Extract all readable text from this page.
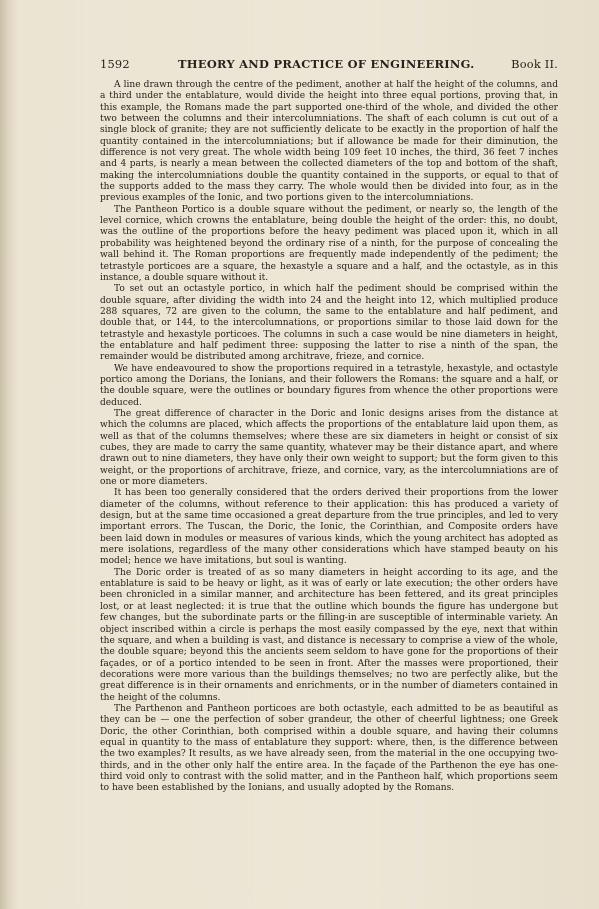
1592	THEORY AND PRACTICE OF ENGINEERING.	Book II.

A line drawn through the centre of the pediment, another at half the height of the columns, and a third under the entablature, would divide the height into three equal portions, proving that, in this example, the Romans made the part supported one-third of the whole, and divided the other two between the columns and their intercolumniations. The shaft of each column is cut out of a single block of granite; they are not sufficiently delicate to be exactly in the proportion of half the quantity contained in the intercolumniations; but if allowance be made for their diminution, the difference is not very great. The whole width being 109 feet 10 inches, the third, 36 feet 7 inches and 4 parts, is nearly a mean between the collected diameters of the top and bottom of the shaft, making the intercolumniations double the quantity contained in the supports, or equal to that of the supports added to the mass they carry. The whole would then be divided into four, as in the previous examples of the Ionic, and two portions given to the intercolumniations.

The Pantheon Portico is a double square without the pediment, or nearly so, the length of the level cornice, which crowns the entablature, being double the height of the order: this, no doubt, was the outline of the proportions before the heavy pediment was placed upon it, which in all probability was heightened beyond the ordinary rise of a ninth, for the purpose of concealing the wall behind it. The Roman proportions are frequently made independently of the pediment; the tetrastyle porticoes are a square, the hexastyle a square and a half, and the octastyle, as in this instance, a double square without it.

To set out an octastyle portico, in which half the pediment should be comprised within the double square, after dividing the width into 24 and the height into 12, which multiplied produce 288 squares, 72 are given to the column, the same to the entablature and half pediment, and double that, or 144, to the intercolumnations, or proportions similar to those laid down for the tetrastyle and hexastyle porticoes. The columns in such a case would be nine diameters in height, the entablature and half pediment three: supposing the latter to rise a ninth of the span, the remainder would be distributed among architrave, frieze, and cornice.

We have endeavoured to show the proportions required in a tetrastyle, hexastyle, and octastyle portico among the Dorians, the Ionians, and their followers the Romans: the square and a half, or the double square, were the outlines or boundary figures from whence the other proportions were deduced.

The great difference of character in the Doric and Ionic designs arises from the distance at which the columns are placed, which affects the proportions of the entablature laid upon them, as well as that of the columns themselves; where these are six diameters in height or consist of six cubes, they are made to carry the same quantity, whatever may be their distance apart, and where drawn out to nine diameters, they have only their own weight to support; but the form given to this weight, or the proportions of architrave, frieze, and cornice, vary, as the intercolumniations are of one or more diameters.

It has been too generally considered that the orders derived their proportions from the lower diameter of the columns, without reference to their application: this has produced a variety of design, but at the same time occasioned a great departure from the true principles, and led to very important errors. The Tuscan, the Doric, the Ionic, the Corinthian, and Composite orders have been laid down in modules or measures of various kinds, which the young architect has adopted as mere isolations, regardless of the many other considerations which have stamped beauty on his model; hence we have imitations, but soul is wanting.

The Doric order is treated of as so many diameters in height according to its age, and the entablature is said to be heavy or light, as it was of early or late execution; the other orders have been chronicled in a similar manner, and architecture has been fettered, and its great principles lost, or at least neglected: it is true that the outline which bounds the figure has undergone but few changes, but the subordinate parts or the filling-in are susceptible of interminable variety. An object inscribed within a circle is perhaps the most easily compassed by the eye, next that within the square, and when a building is vast, and distance is necessary to comprise a view of the whole, the double square; beyond this the ancients seem seldom to have gone for the proportions of their façades, or of a portico intended to be seen in front. After the masses were proportioned, their decorations were more various than the buildings themselves; no two are perfectly alike, but the great difference is in their ornaments and enrichments, or in the number of diameters contained in the height of the columns.

The Parthenon and Pantheon porticoes are both octastyle, each admitted to be as beautiful as they can be — one the perfection of sober grandeur, the other of cheerful lightness; one Greek Doric, the other Corinthian, both comprised within a double square, and having their columns equal in quantity to the mass of entablature they support: where, then, is the difference between the two examples? It results, as we have already seen, from the material in the one occupying two-thirds, and in the other only half the entire area. In the façade of the Parthenon the eye has one-third void only to contrast with the solid matter, and in the Pantheon half, which proportions seem to have been established by the Ionians, and usually adopted by the Romans.
